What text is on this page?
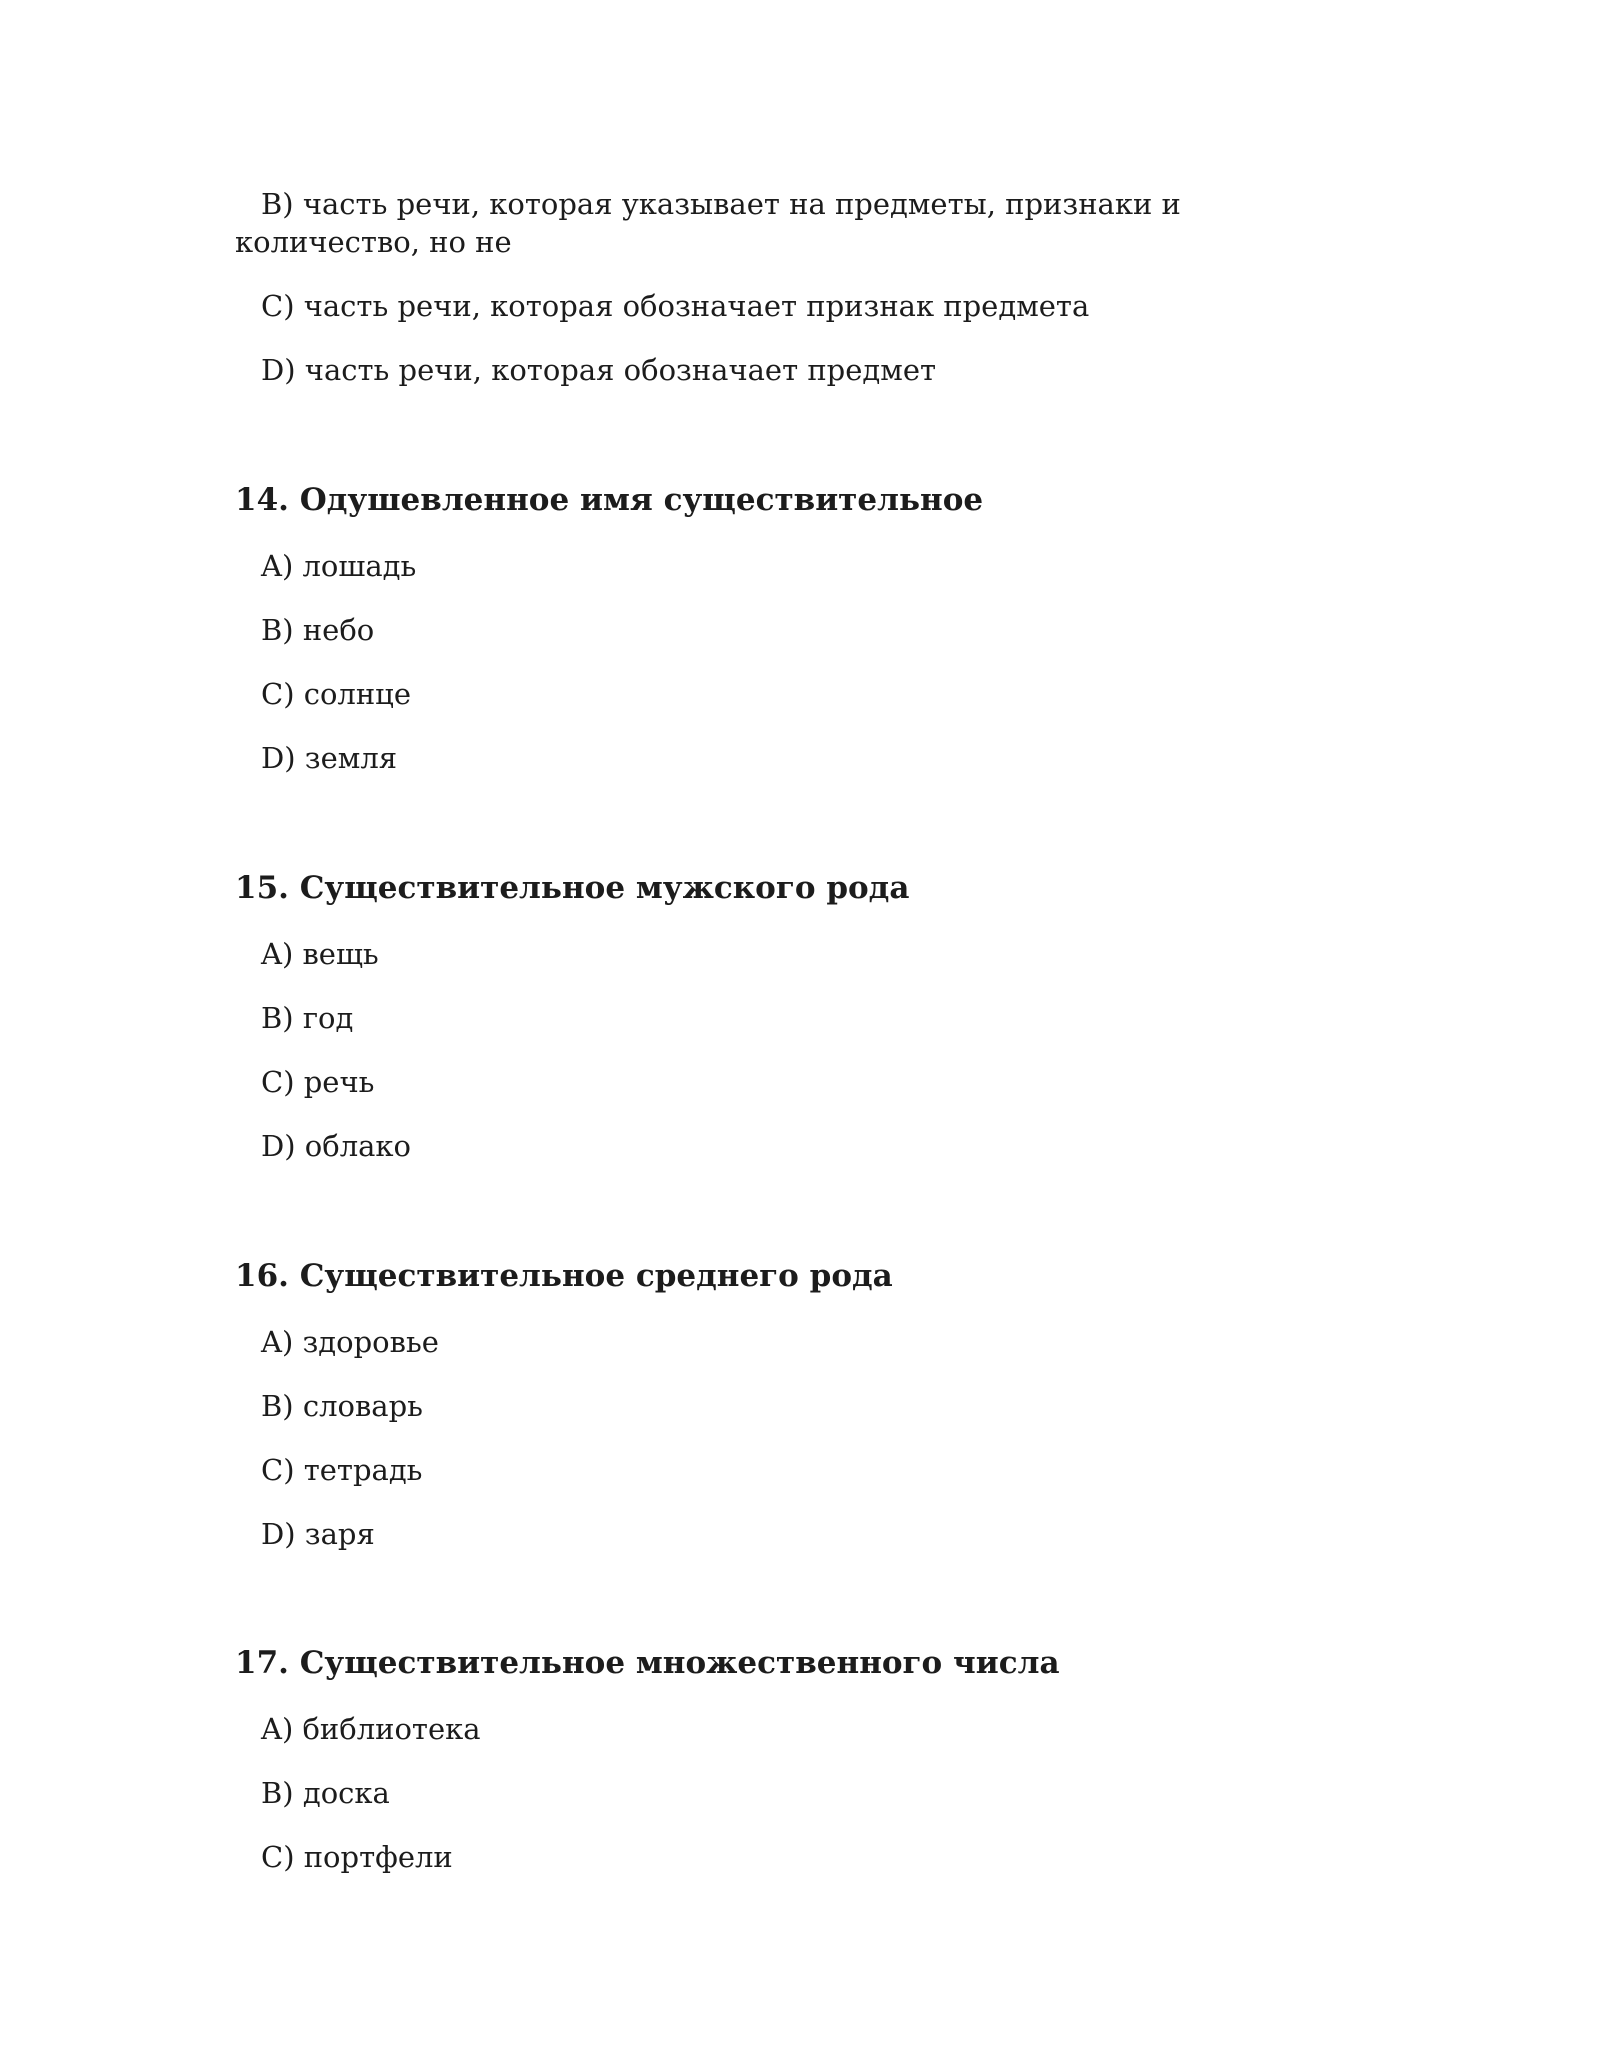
B) часть речи, которая указывает на предметы, признаки и количество, но не
C) часть речи, которая обозначает признак предмета
D) часть речи, которая обозначает предмет
14. Одушевленное имя существительное
A) лошадь
B) небо
C) солнце
D) земля
15. Существительное мужского рода
A) вещь
B) год
C) речь
D) облако
16. Существительное среднего рода
A) здоровье
B) словарь
C) тетрадь
D) заря
17. Существительное множественного числа
A) библиотека
B) доска
C) портфели
